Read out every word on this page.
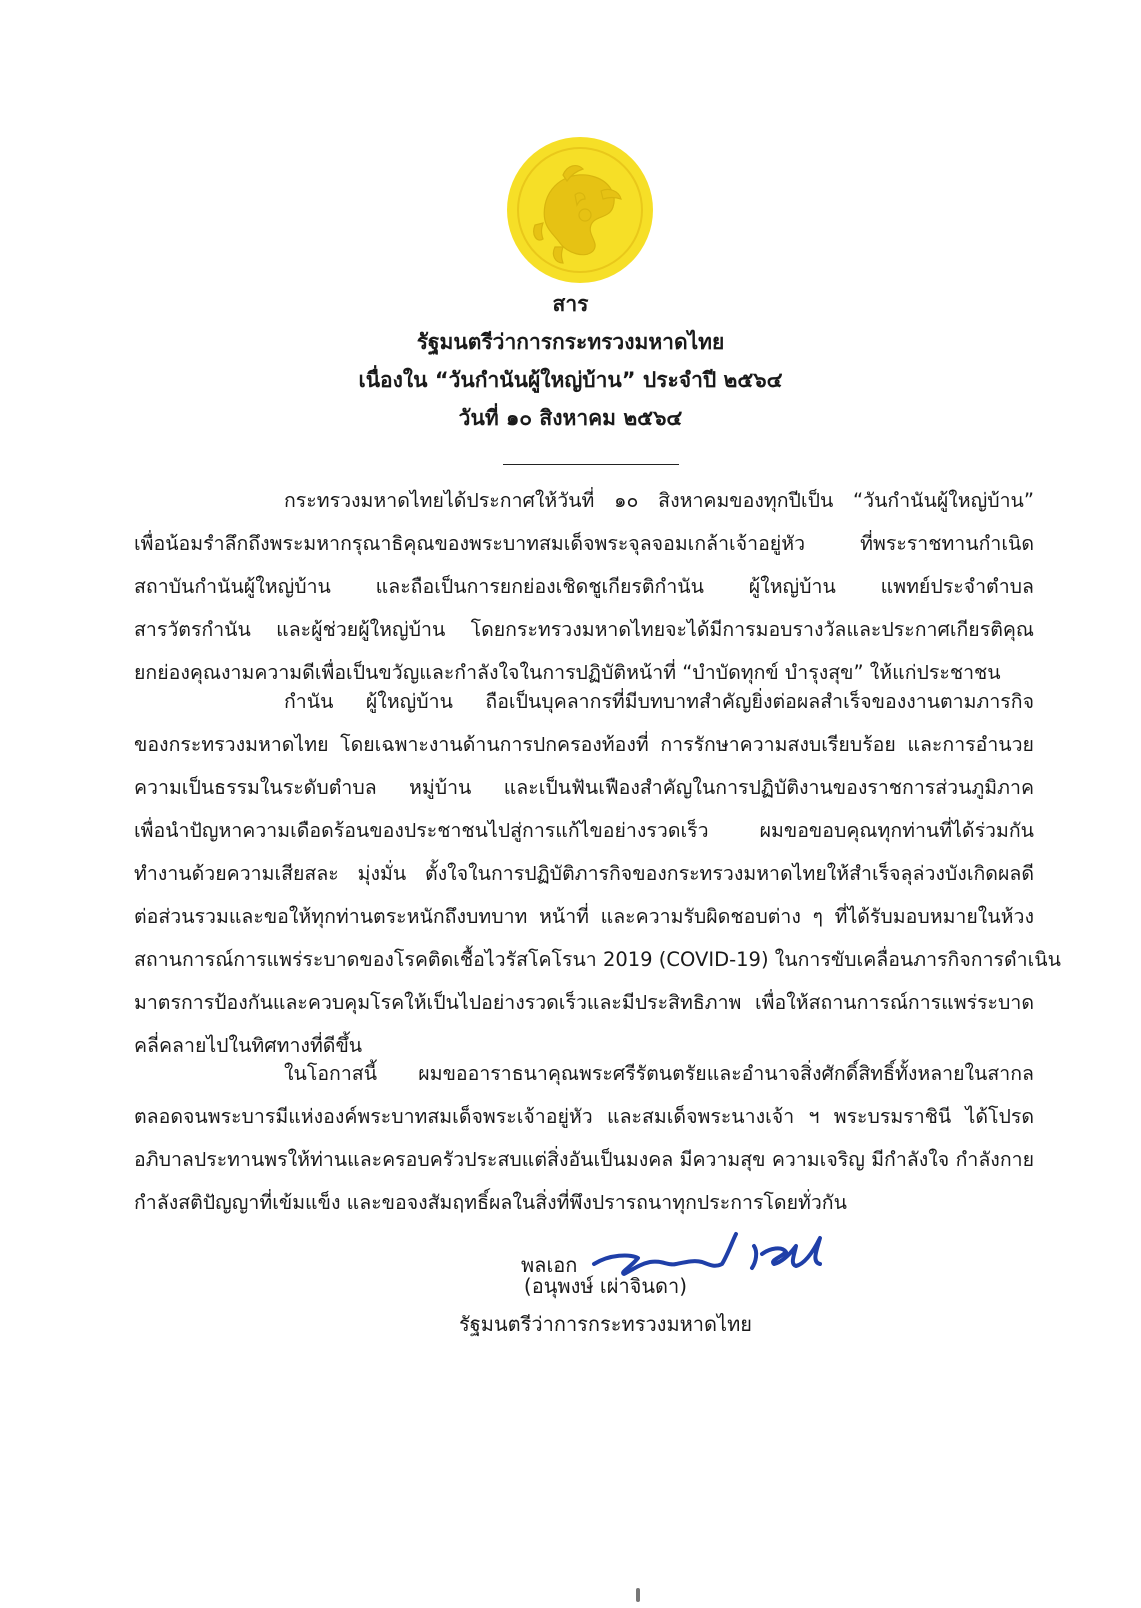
สาร
รัฐมนตรีว่าการกระทรวงมหาดไทย
เนื่องใน “วันกำนันผู้ใหญ่บ้าน” ประจำปี ๒๕๖๔
วันที่ ๑๐ สิงหาคม ๒๕๖๔
กระทรวงมหาดไทยได้ประกาศให้วันที่ ๑๐ สิงหาคมของทุกปีเป็น “วันกำนันผู้ใหญ่บ้าน”
เพื่อน้อมรำลึกถึงพระมหากรุณาธิคุณของพระบาทสมเด็จพระจุลจอมเกล้าเจ้าอยู่หัว ที่พระราชทานกำเนิด
สถาบันกำนันผู้ใหญ่บ้าน และถือเป็นการยกย่องเชิดชูเกียรติกำนัน ผู้ใหญ่บ้าน แพทย์ประจำตำบล
สารวัตรกำนัน และผู้ช่วยผู้ใหญ่บ้าน โดยกระทรวงมหาดไทยจะได้มีการมอบรางวัลและประกาศเกียรติคุณ
ยกย่องคุณงามความดีเพื่อเป็นขวัญและกำลังใจในการปฏิบัติหน้าที่ “บำบัดทุกข์ บำรุงสุข” ให้แก่ประชาชน
กำนัน ผู้ใหญ่บ้าน ถือเป็นบุคลากรที่มีบทบาทสำคัญยิ่งต่อผลสำเร็จของงานตามภารกิจ
ของกระทรวงมหาดไทย โดยเฉพาะงานด้านการปกครองท้องที่ การรักษาความสงบเรียบร้อย และการอำนวย
ความเป็นธรรมในระดับตำบล หมู่บ้าน และเป็นฟันเฟืองสำคัญในการปฏิบัติงานของราชการส่วนภูมิภาค
เพื่อนำปัญหาความเดือดร้อนของประชาชนไปสู่การแก้ไขอย่างรวดเร็ว ผมขอขอบคุณทุกท่านที่ได้ร่วมกัน
ทำงานด้วยความเสียสละ มุ่งมั่น ตั้งใจในการปฏิบัติภารกิจของกระทรวงมหาดไทยให้สำเร็จลุล่วงบังเกิดผลดี
ต่อส่วนรวมและขอให้ทุกท่านตระหนักถึงบทบาท หน้าที่ และความรับผิดชอบต่าง ๆ ที่ได้รับมอบหมายในห้วง
สถานการณ์การแพร่ระบาดของโรคติดเชื้อไวรัสโคโรนา 2019 (COVID-19) ในการขับเคลื่อนภารกิจการดำเนิน
มาตรการป้องกันและควบคุมโรคให้เป็นไปอย่างรวดเร็วและมีประสิทธิภาพ เพื่อให้สถานการณ์การแพร่ระบาด
คลี่คลายไปในทิศทางที่ดีขึ้น
ในโอกาสนี้ ผมขออาราธนาคุณพระศรีรัตนตรัยและอำนาจสิ่งศักดิ์สิทธิ์ทั้งหลายในสากล
ตลอดจนพระบารมีแห่งองค์พระบาทสมเด็จพระเจ้าอยู่หัว และสมเด็จพระนางเจ้า ฯ พระบรมราชินี ได้โปรด
อภิบาลประทานพรให้ท่านและครอบครัวประสบแต่สิ่งอันเป็นมงคล มีความสุข ความเจริญ มีกำลังใจ กำลังกาย
กำลังสติปัญญาที่เข้มแข็ง และขอจงสัมฤทธิ์ผลในสิ่งที่พึงปรารถนาทุกประการโดยทั่วกัน
พลเอก
(อนุพงษ์ เผ่าจินดา)
รัฐมนตรีว่าการกระทรวงมหาดไทย
